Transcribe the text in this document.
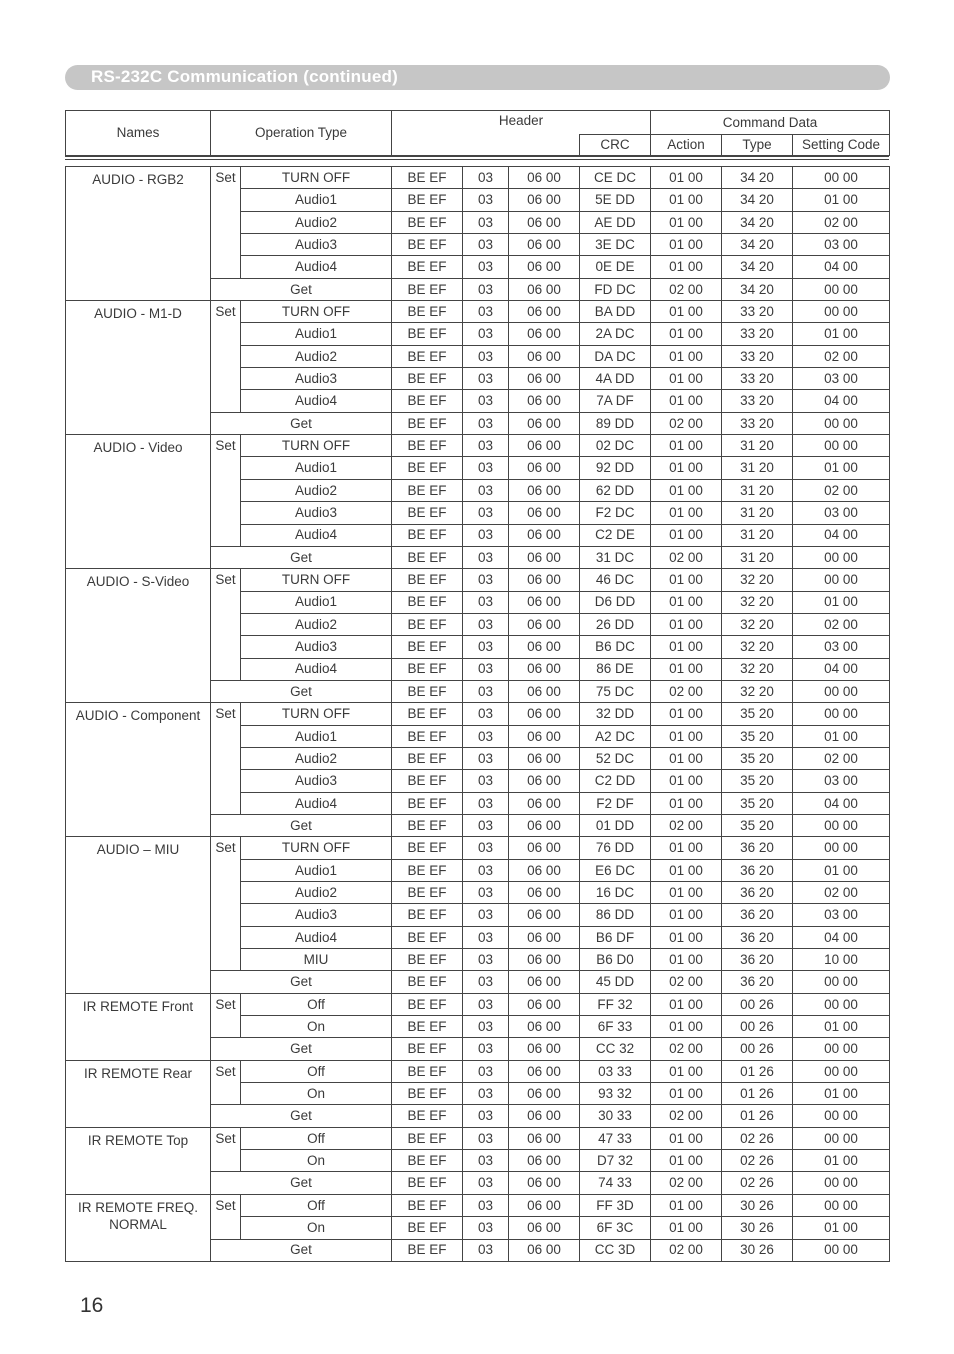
RS-232C Communication (continued)
Names	Operation Type	Header		Command Data		
			CRC	Action	Type	Setting Code
AUDIO - RGB2	Set	TURN OFF	BE EF	03	06 00	CE DC	01 00	34 20	00 00
		Audio1	BE EF	03	06 00	5E DD	01 00	34 20	01 00
		Audio2	BE EF	03	06 00	AE DD	01 00	34 20	02 00
		Audio3	BE EF	03	06 00	3E DC	01 00	34 20	03 00
		Audio4	BE EF	03	06 00	0E DE	01 00	34 20	04 00
	Get		BE EF	03	06 00	FD DC	02 00	34 20	00 00
AUDIO - M1-D	Set	TURN OFF	BE EF	03	06 00	BA DD	01 00	33 20	00 00
		Audio1	BE EF	03	06 00	2A DC	01 00	33 20	01 00
		Audio2	BE EF	03	06 00	DA DC	01 00	33 20	02 00
		Audio3	BE EF	03	06 00	4A DD	01 00	33 20	03 00
		Audio4	BE EF	03	06 00	7A DF	01 00	33 20	04 00
	Get		BE EF	03	06 00	89 DD	02 00	33 20	00 00
AUDIO - Video	Set	TURN OFF	BE EF	03	06 00	02 DC	01 00	31 20	00 00
		Audio1	BE EF	03	06 00	92 DD	01 00	31 20	01 00
		Audio2	BE EF	03	06 00	62 DD	01 00	31 20	02 00
		Audio3	BE EF	03	06 00	F2 DC	01 00	31 20	03 00
		Audio4	BE EF	03	06 00	C2 DE	01 00	31 20	04 00
	Get		BE EF	03	06 00	31 DC	02 00	31 20	00 00
AUDIO - S-Video	Set	TURN OFF	BE EF	03	06 00	46 DC	01 00	32 20	00 00
		Audio1	BE EF	03	06 00	D6 DD	01 00	32 20	01 00
		Audio2	BE EF	03	06 00	26 DD	01 00	32 20	02 00
		Audio3	BE EF	03	06 00	B6 DC	01 00	32 20	03 00
		Audio4	BE EF	03	06 00	86 DE	01 00	32 20	04 00
	Get		BE EF	03	06 00	75 DC	02 00	32 20	00 00
AUDIO - Component	Set	TURN OFF	BE EF	03	06 00	32 DD	01 00	35 20	00 00
		Audio1	BE EF	03	06 00	A2 DC	01 00	35 20	01 00
		Audio2	BE EF	03	06 00	52 DC	01 00	35 20	02 00
		Audio3	BE EF	03	06 00	C2 DD	01 00	35 20	03 00
		Audio4	BE EF	03	06 00	F2 DF	01 00	35 20	04 00
	Get		BE EF	03	06 00	01 DD	02 00	35 20	00 00
AUDIO – MIU	Set	TURN OFF	BE EF	03	06 00	76 DD	01 00	36 20	00 00
		Audio1	BE EF	03	06 00	E6 DC	01 00	36 20	01 00
		Audio2	BE EF	03	06 00	16 DC	01 00	36 20	02 00
		Audio3	BE EF	03	06 00	86 DD	01 00	36 20	03 00
		Audio4	BE EF	03	06 00	B6 DF	01 00	36 20	04 00
		MIU	BE EF	03	06 00	B6 D0	01 00	36 20	10 00
	Get		BE EF	03	06 00	45 DD	02 00	36 20	00 00
IR REMOTE Front	Set	Off	BE EF	03	06 00	FF 32	01 00	00 26	00 00
		On	BE EF	03	06 00	6F 33	01 00	00 26	01 00
	Get		BE EF	03	06 00	CC 32	02 00	00 26	00 00
IR REMOTE Rear	Set	Off	BE EF	03	06 00	03 33	01 00	01 26	00 00
		On	BE EF	03	06 00	93 32	01 00	01 26	01 00
	Get		BE EF	03	06 00	30 33	02 00	01 26	00 00
IR REMOTE Top	Set	Off	BE EF	03	06 00	47 33	01 00	02 26	00 00
		On	BE EF	03	06 00	D7 32	01 00	02 26	01 00
	Get		BE EF	03	06 00	74 33	02 00	02 26	00 00
IR REMOTE FREQ. NORMAL	Set	Off	BE EF	03	06 00	FF 3D	01 00	30 26	00 00
		On	BE EF	03	06 00	6F 3C	01 00	30 26	01 00
	Get		BE EF	03	06 00	CC 3D	02 00	30 26	00 00
16
